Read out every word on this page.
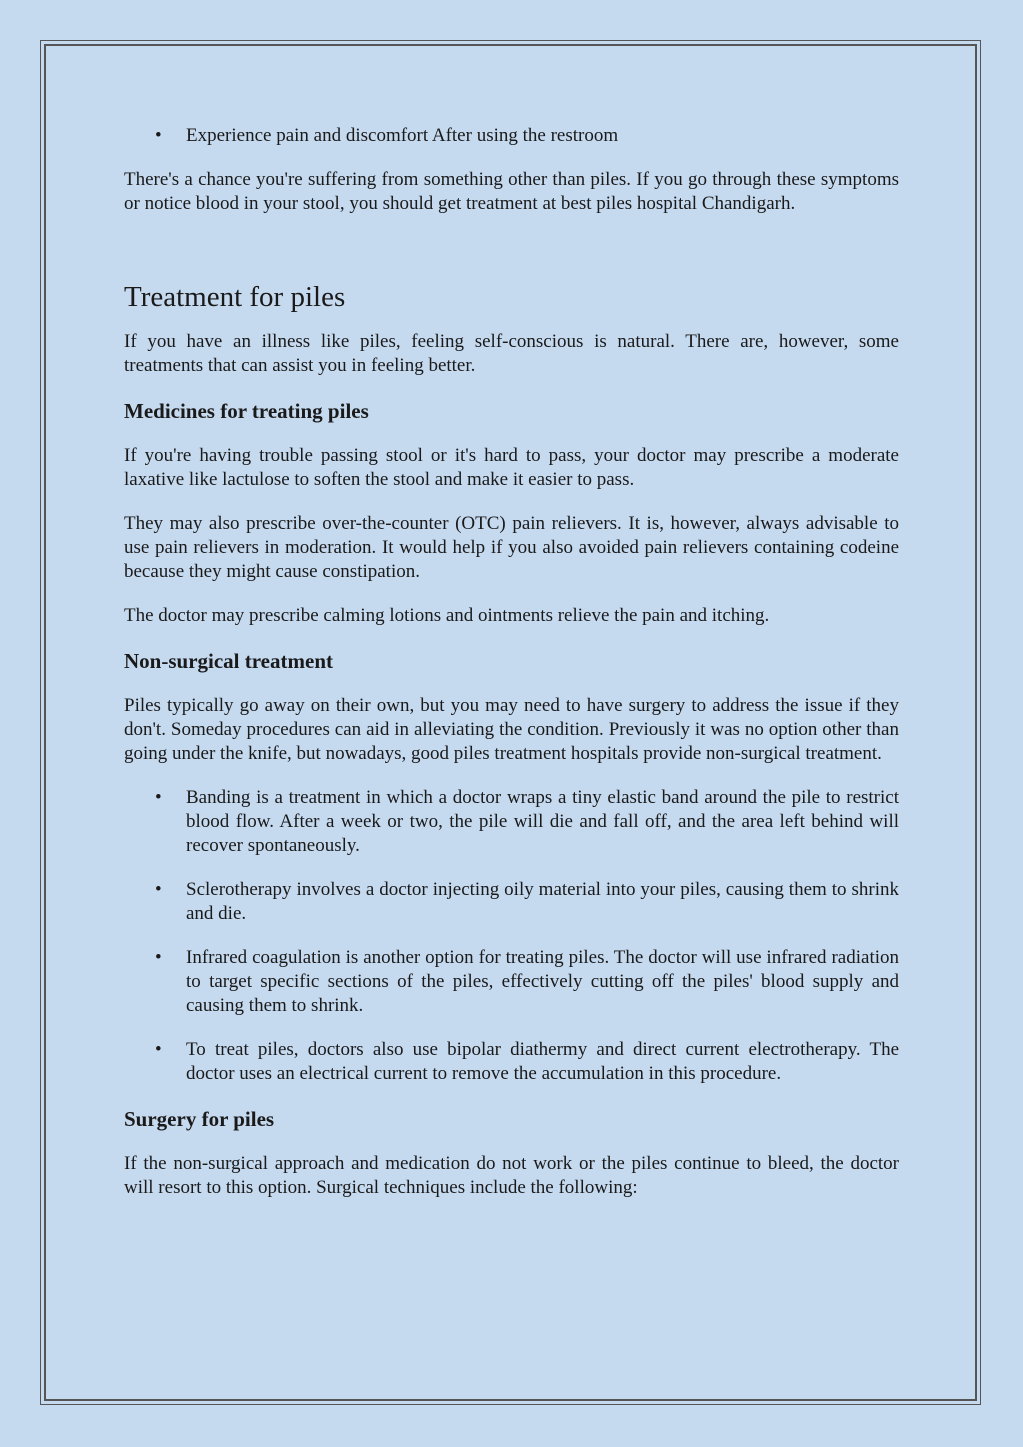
• Experience pain and discomfort After using the restroom

There's a chance you're suffering from something other than piles. If you go through these symptoms or notice blood in your stool, you should get treatment at best piles hospital Chandigarh.

Treatment for piles

If you have an illness like piles, feeling self-conscious is natural. There are, however, some treatments that can assist you in feeling better.

Medicines for treating piles

If you're having trouble passing stool or it's hard to pass, your doctor may prescribe a moderate laxative like lactulose to soften the stool and make it easier to pass.

They may also prescribe over-the-counter (OTC) pain relievers. It is, however, always advisable to use pain relievers in moderation. It would help if you also avoided pain relievers containing codeine because they might cause constipation.

The doctor may prescribe calming lotions and ointments relieve the pain and itching.

Non-surgical treatment

Piles typically go away on their own, but you may need to have surgery to address the issue if they don't. Someday procedures can aid in alleviating the condition. Previously it was no option other than going under the knife, but nowadays, good piles treatment hospitals provide non-surgical treatment.

• Banding is a treatment in which a doctor wraps a tiny elastic band around the pile to restrict blood flow. After a week or two, the pile will die and fall off, and the area left behind will recover spontaneously.
• Sclerotherapy involves a doctor injecting oily material into your piles, causing them to shrink and die.
• Infrared coagulation is another option for treating piles. The doctor will use infrared radiation to target specific sections of the piles, effectively cutting off the piles' blood supply and causing them to shrink.
• To treat piles, doctors also use bipolar diathermy and direct current electrotherapy. The doctor uses an electrical current to remove the accumulation in this procedure.
Surgery for piles

If the non-surgical approach and medication do not work or the piles continue to bleed, the doctor will resort to this option. Surgical techniques include the following:
